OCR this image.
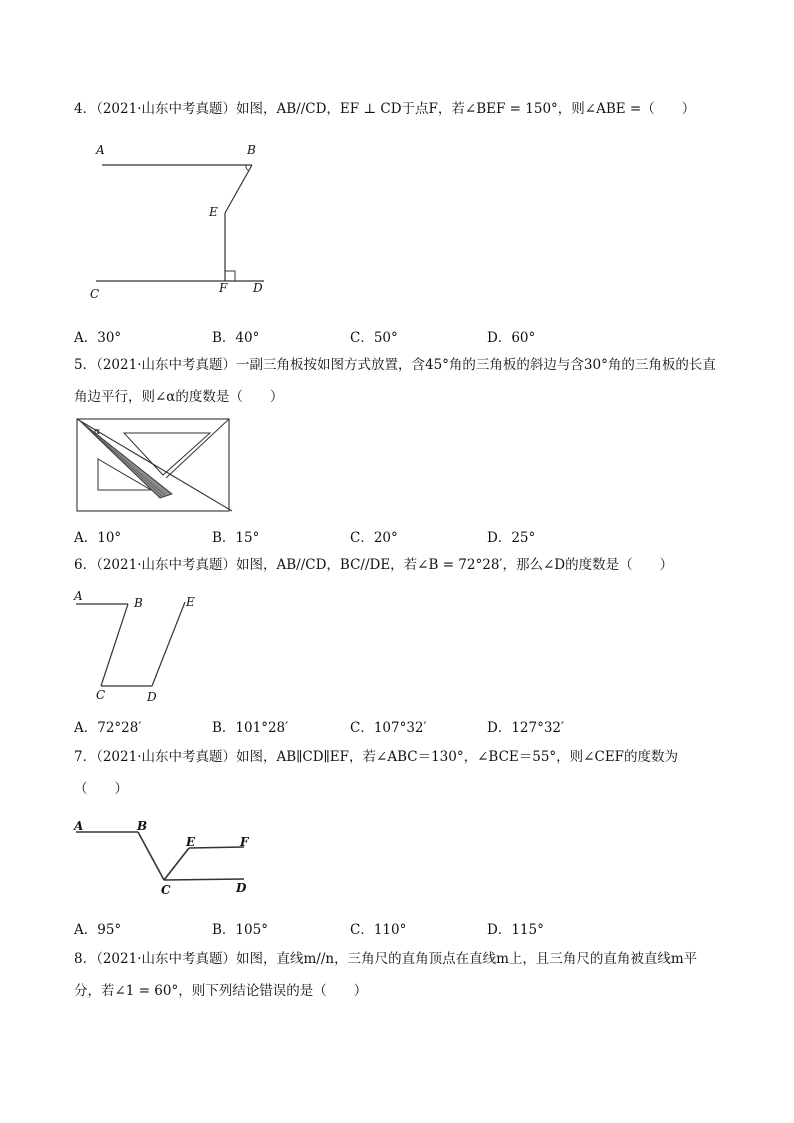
4．（2021·山东中考真题）如图，AB//CD，EF ⊥ CD于点F，若∠BEF = 150°，则∠ABE =（　　）
A	B
E
C	F D
A．30°	B．40°	C．50°	D．60°
5．（2021·山东中考真题）一副三角板按如图方式放置，含45°角的三角板的斜边与含30°角的三角板的长直
角边平行，则∠α的度数是（　　）
α
A．10°	B．15°	C．20°	D．25°
6．（2021·山东中考真题）如图，AB//CD，BC//DE，若∠B = 72°28′，那么∠D的度数是（　　）
A	B	E
C	D
A．72°28′	B．101°28′	C．107°32′	D．127°32′
7．（2021·山东中考真题）如图，AB∥CD∥EF，若∠ABC＝130°，∠BCE＝55°，则∠CEF的度数为
（　　）
A	B
E	F
C	D
A．95°	B．105°	C．110°	D．115°
8．（2021·山东中考真题）如图，直线m//n，三角尺的直角顶点在直线m上，且三角尺的直角被直线m平
分，若∠1 = 60°，则下列结论错误的是（　　）
